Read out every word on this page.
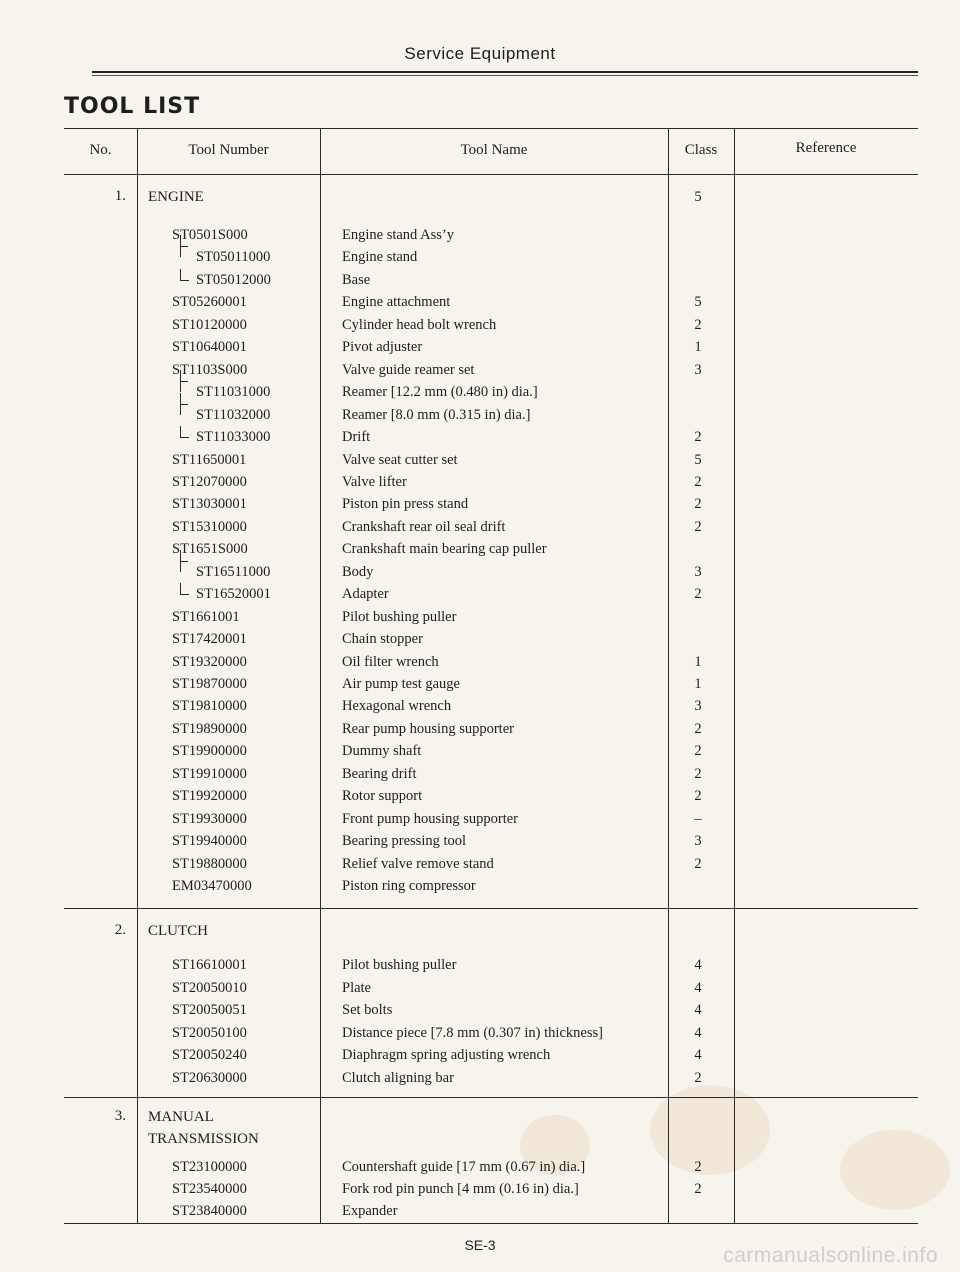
Service Equipment
TOOL LIST
No.	Tool Number	Tool Name	Class	Reference
1. ENGINE	5
ST0501S000	Engine stand Ass’y
ST05011000	Engine stand
ST05012000	Base
ST05260001	Engine attachment	5
ST10120000	Cylinder head bolt wrench	2
ST10640001	Pivot adjuster	1
ST1103S000	Valve guide reamer set	3
ST11031000	Reamer [12.2 mm (0.480 in) dia.]
ST11032000	Reamer [8.0 mm (0.315 in) dia.]
ST11033000	Drift	2
ST11650001	Valve seat cutter set	5
ST12070000	Valve lifter	2
ST13030001	Piston pin press stand	2
ST15310000	Crankshaft rear oil seal drift	2
ST1651S000	Crankshaft main bearing cap puller
ST16511000	Body	3
ST16520001	Adapter	2
ST1661001	Pilot bushing puller
ST17420001	Chain stopper
ST19320000	Oil filter wrench	1
ST19870000	Air pump test gauge	1
ST19810000	Hexagonal wrench	3
ST19890000	Rear pump housing supporter	2
ST19900000	Dummy shaft	2
ST19910000	Bearing drift	2
ST19920000	Rotor support	2
ST19930000	Front pump housing supporter	–
ST19940000	Bearing pressing tool	3
ST19880000	Relief valve remove stand	2
EM03470000	Piston ring compressor
2. CLUTCH
ST16610001	Pilot bushing puller	4
ST20050010	Plate	4
ST20050051	Set bolts	4
ST20050100	Distance piece [7.8 mm (0.307 in) thickness]	4
ST20050240	Diaphragm spring adjusting wrench	4
ST20630000	Clutch aligning bar	2
3. MANUAL
TRANSMISSION
ST23100000	Countershaft guide [17 mm (0.67 in) dia.]	2
ST23540000	Fork rod pin punch [4 mm (0.16 in) dia.]	2
ST23840000	Expander
SE-3	carmanualsonline.info
